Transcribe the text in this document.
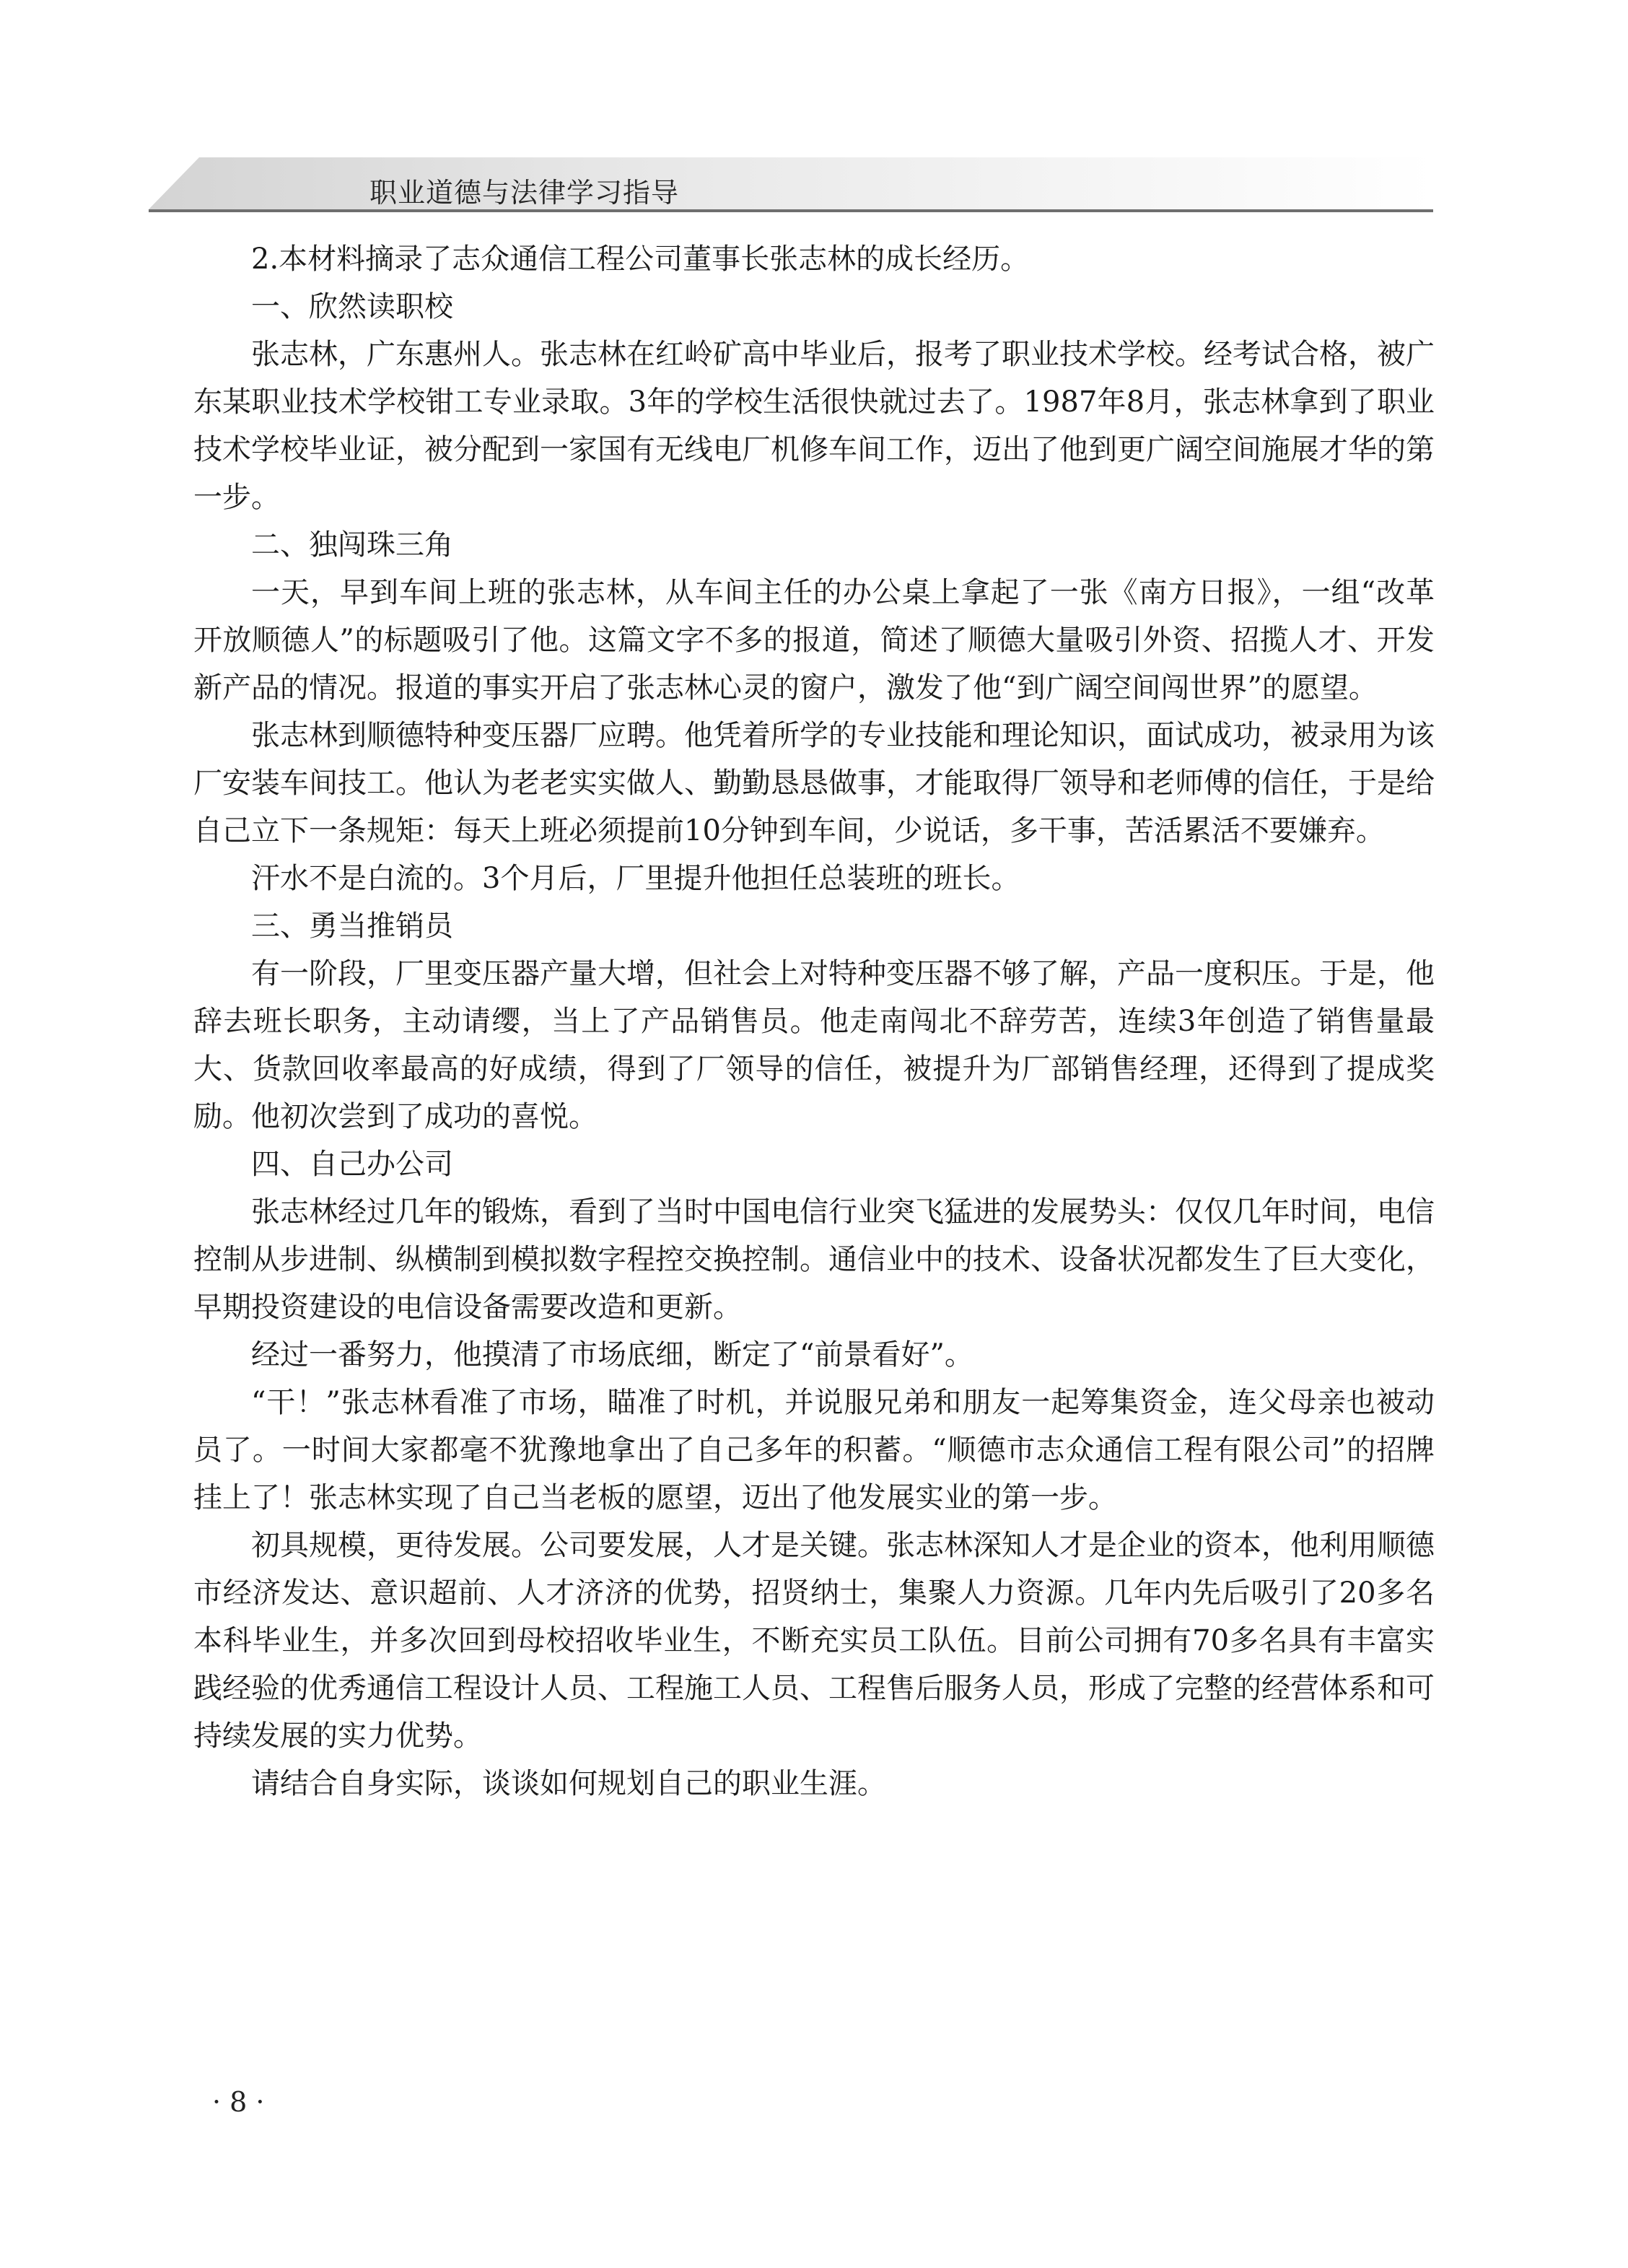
职业道德与法律学习指导

2.本材料摘录了志众通信工程公司董事长张志林的成长经历。

一、欣然读职校

张志林，广东惠州人。张志林在红岭矿高中毕业后，报考了职业技术学校。经考试合格，被广东某职业技术学校钳工专业录取。3年的学校生活很快就过去了。1987年8月，张志林拿到了职业技术学校毕业证，被分配到一家国有无线电厂机修车间工作，迈出了他到更广阔空间施展才华的第一步。

二、独闯珠三角

一天，早到车间上班的张志林，从车间主任的办公桌上拿起了一张《南方日报》，一组“改革开放顺德人”的标题吸引了他。这篇文字不多的报道，简述了顺德大量吸引外资、招揽人才、开发新产品的情况。报道的事实开启了张志林心灵的窗户，激发了他“到广阔空间闯世界”的愿望。

张志林到顺德特种变压器厂应聘。他凭着所学的专业技能和理论知识，面试成功，被录用为该厂安装车间技工。他认为老老实实做人、勤勤恳恳做事，才能取得厂领导和老师傅的信任，于是给自己立下一条规矩：每天上班必须提前10分钟到车间，少说话，多干事，苦活累活不要嫌弃。

汗水不是白流的。3个月后，厂里提升他担任总装班的班长。

三、勇当推销员

有一阶段，厂里变压器产量大增，但社会上对特种变压器不够了解，产品一度积压。于是，他辞去班长职务，主动请缨，当上了产品销售员。他走南闯北不辞劳苦，连续3年创造了销售量最大、货款回收率最高的好成绩，得到了厂领导的信任，被提升为厂部销售经理，还得到了提成奖励。他初次尝到了成功的喜悦。

四、自己办公司

张志林经过几年的锻炼，看到了当时中国电信行业突飞猛进的发展势头：仅仅几年时间，电信控制从步进制、纵横制到模拟数字程控交换控制。通信业中的技术、设备状况都发生了巨大变化，早期投资建设的电信设备需要改造和更新。

经过一番努力，他摸清了市场底细，断定了“前景看好”。

“干！”张志林看准了市场，瞄准了时机，并说服兄弟和朋友一起筹集资金，连父母亲也被动员了。一时间大家都毫不犹豫地拿出了自己多年的积蓄。“顺德市志众通信工程有限公司”的招牌挂上了！张志林实现了自己当老板的愿望，迈出了他发展实业的第一步。

初具规模，更待发展。公司要发展，人才是关键。张志林深知人才是企业的资本，他利用顺德市经济发达、意识超前、人才济济的优势，招贤纳士，集聚人力资源。几年内先后吸引了20多名本科毕业生，并多次回到母校招收毕业生，不断充实员工队伍。目前公司拥有70多名具有丰富实践经验的优秀通信工程设计人员、工程施工人员、工程售后服务人员，形成了完整的经营体系和可持续发展的实力优势。

请结合自身实际，谈谈如何规划自己的职业生涯。

· 8 ·
